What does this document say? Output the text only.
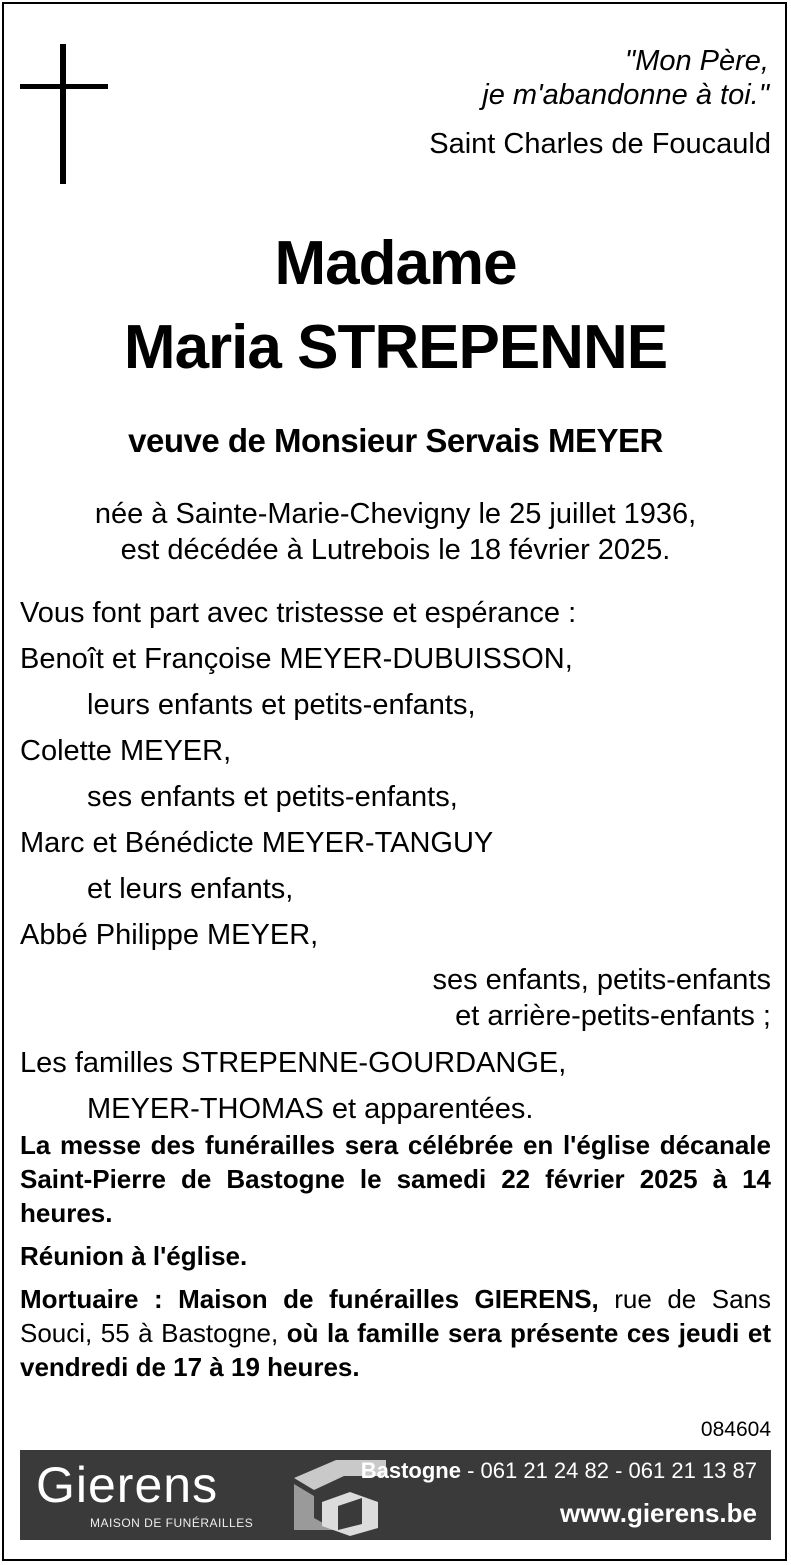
"Mon Père,
je m'abandonne à toi."
Saint Charles de Foucauld
Madame
Maria STREPENNE
veuve de Monsieur Servais MEYER
née à Sainte-Marie-Chevigny le 25 juillet 1936,
est décédée à Lutrebois le 18 février 2025.
Vous font part avec tristesse et espérance :
Benoît et Françoise MEYER-DUBUISSON,
leurs enfants et petits-enfants,
Colette MEYER,
ses enfants et petits-enfants,
Marc et Bénédicte MEYER-TANGUY
et leurs enfants,
Abbé Philippe MEYER,
ses enfants, petits-enfants
et arrière-petits-enfants ;
Les familles STREPENNE-GOURDANGE,
MEYER-THOMAS et apparentées.

La messe des funérailles sera célébrée en l'église décanale Saint-Pierre de Bastogne le samedi 22 février 2025 à 14 heures.

Réunion à l'église.

Mortuaire : Maison de funérailles GIERENS, rue de Sans Souci, 55 à Bastogne, où la famille sera présente ces jeudi et vendredi de 17 à 19 heures.

084604
Gierens
MAISON DE FUNÉRAILLES
Bastogne - 061 21 24 82 - 061 21 13 87
www.gierens.be
